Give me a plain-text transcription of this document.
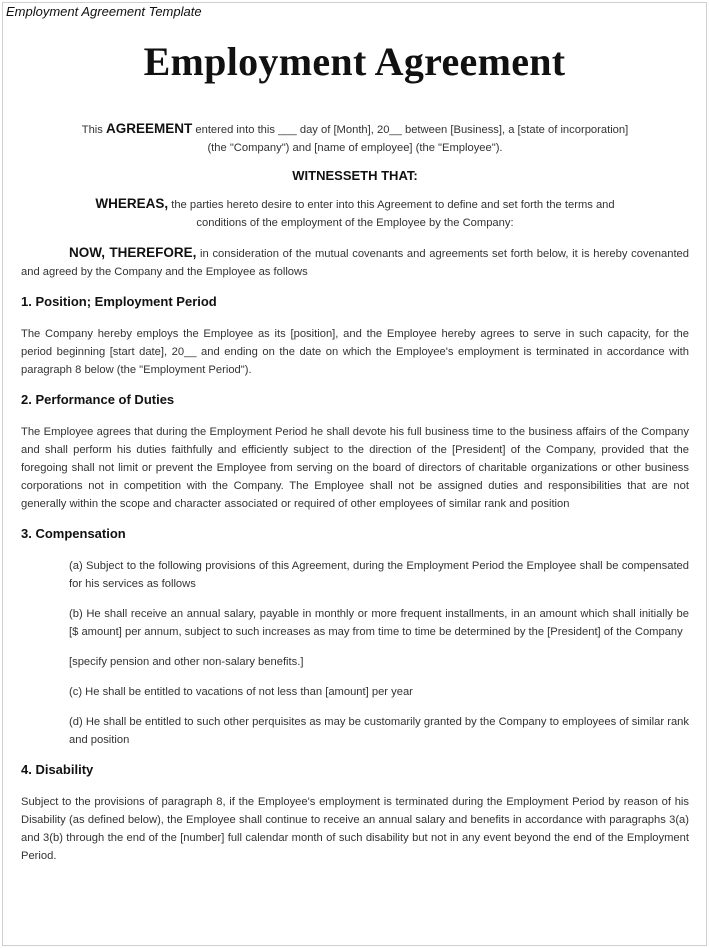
Employment Agreement Template
Employment Agreement

This AGREEMENT entered into this ___ day of [Month], 20__ between [Business], a [state of incorporation]
(the "Company") and [name of employee] (the "Employee").

WITNESSETH THAT:

WHEREAS, the parties hereto desire to enter into this Agreement to define and set forth the terms and
conditions of the employment of the Employee by the Company:

NOW, THEREFORE, in consideration of the mutual covenants and agreements set forth below, it is hereby covenanted and agreed by the Company and the Employee as follows

1. Position; Employment Period

The Company hereby employs the Employee as its [position], and the Employee hereby agrees to serve in such capacity, for the period beginning [start date], 20__ and ending on the date on which the Employee's employment is terminated in accordance with paragraph 8 below (the "Employment Period").

2. Performance of Duties

The Employee agrees that during the Employment Period he shall devote his full business time to the business affairs of the Company and shall perform his duties faithfully and efficiently subject to the direction of the [President] of the Company, provided that the foregoing shall not limit or prevent the Employee from serving on the board of directors of charitable organizations or other business corporations not in competition with the Company. The Employee shall not be assigned duties and responsibilities that are not generally within the scope and character associated or required of other employees of similar rank and position

3. Compensation

(a) Subject to the following provisions of this Agreement, during the Employment Period the Employee shall be compensated for his services as follows

(b) He shall receive an annual salary, payable in monthly or more frequent installments, in an amount which shall initially be [$ amount] per annum, subject to such increases as may from time to time be determined by the [President] of the Company

[specify pension and other non-salary benefits.]

(c) He shall be entitled to vacations of not less than [amount] per year

(d) He shall be entitled to such other perquisites as may be customarily granted by the Company to employees of similar rank and position

4. Disability

Subject to the provisions of paragraph 8, if the Employee's employment is terminated during the Employment Period by reason of his Disability (as defined below), the Employee shall continue to receive an annual salary and benefits in accordance with paragraphs 3(a) and 3(b) through the end of the [number] full calendar month of such disability but not in any event beyond the end of the Employment Period.
